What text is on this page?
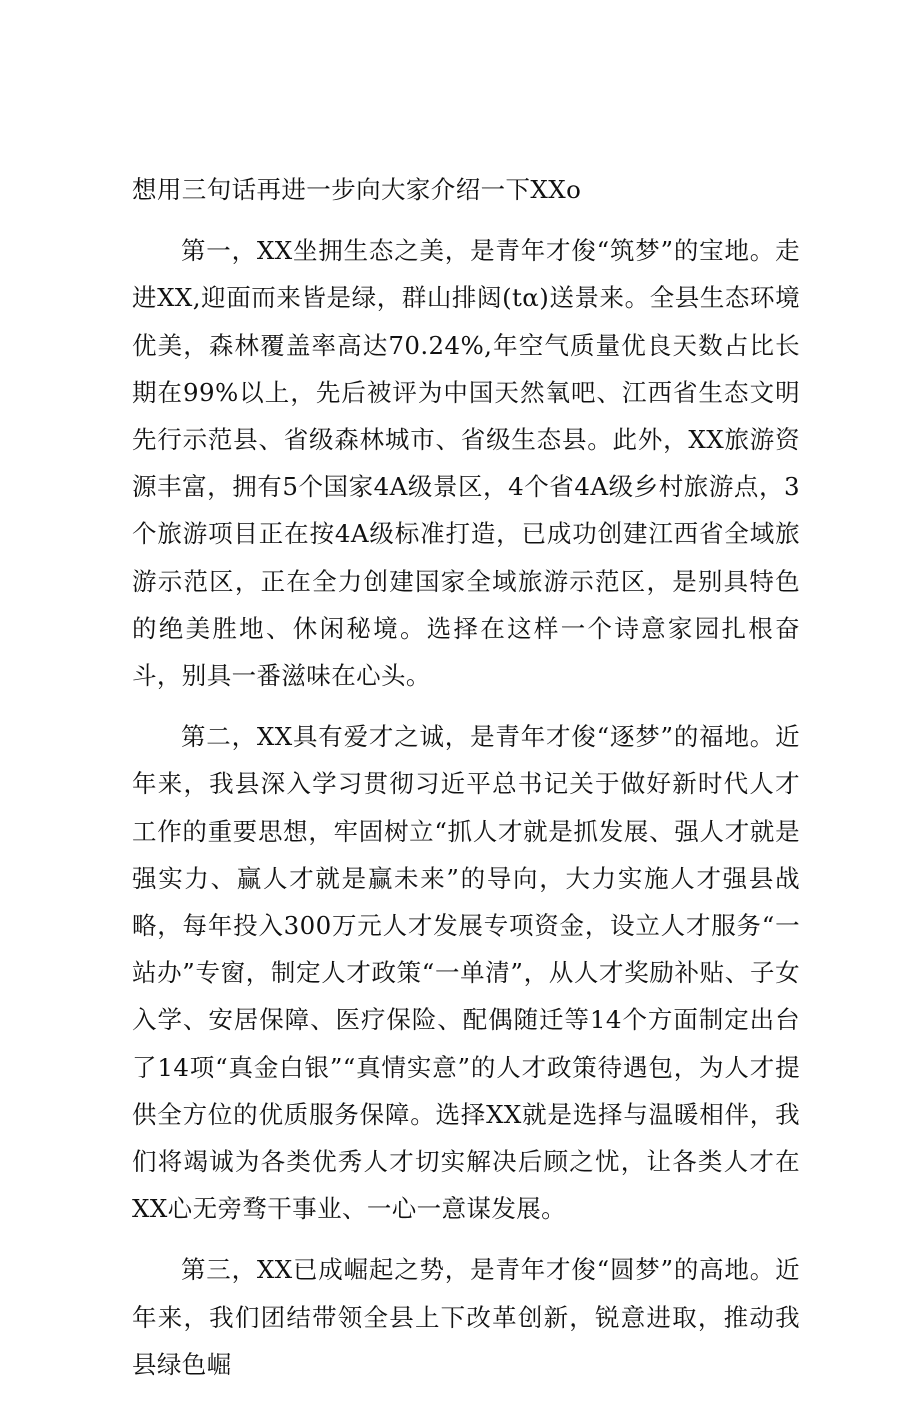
想用三句话再进一步向大家介绍一下XXo

第一，XX坐拥生态之美，是青年才俊“筑梦”的宝地。走进XX,迎面而来皆是绿，群山排闼(tα)送景来。全县生态环境优美，森林覆盖率高达70.24%,年空气质量优良天数占比长期在99%以上，先后被评为中国天然氧吧、江西省生态文明先行示范县、省级森林城市、省级生态县。此外，XX旅游资源丰富，拥有5个国家4A级景区，4个省4A级乡村旅游点，3个旅游项目正在按4A级标准打造，已成功创建江西省全域旅游示范区，正在全力创建国家全域旅游示范区，是别具特色的绝美胜地、休闲秘境。选择在这样一个诗意家园扎根奋斗，别具一番滋味在心头。

第二，XX具有爱才之诚，是青年才俊“逐梦”的福地。近年来，我县深入学习贯彻习近平总书记关于做好新时代人才工作的重要思想，牢固树立“抓人才就是抓发展、强人才就是强实力、赢人才就是赢未来”的导向，大力实施人才强县战略，每年投入300万元人才发展专项资金，设立人才服务“一站办”专窗，制定人才政策“一单清”，从人才奖励补贴、子女入学、安居保障、医疗保险、配偶随迁等14个方面制定出台了14项“真金白银”“真情实意”的人才政策待遇包，为人才提供全方位的优质服务保障。选择XX就是选择与温暖相伴，我们将竭诚为各类优秀人才切实解决后顾之忧，让各类人才在XX心无旁骛干事业、一心一意谋发展。

第三，XX已成崛起之势，是青年才俊“圆梦”的高地。近年来，我们团结带领全县上下改革创新，锐意进取，推动我县绿色崛
